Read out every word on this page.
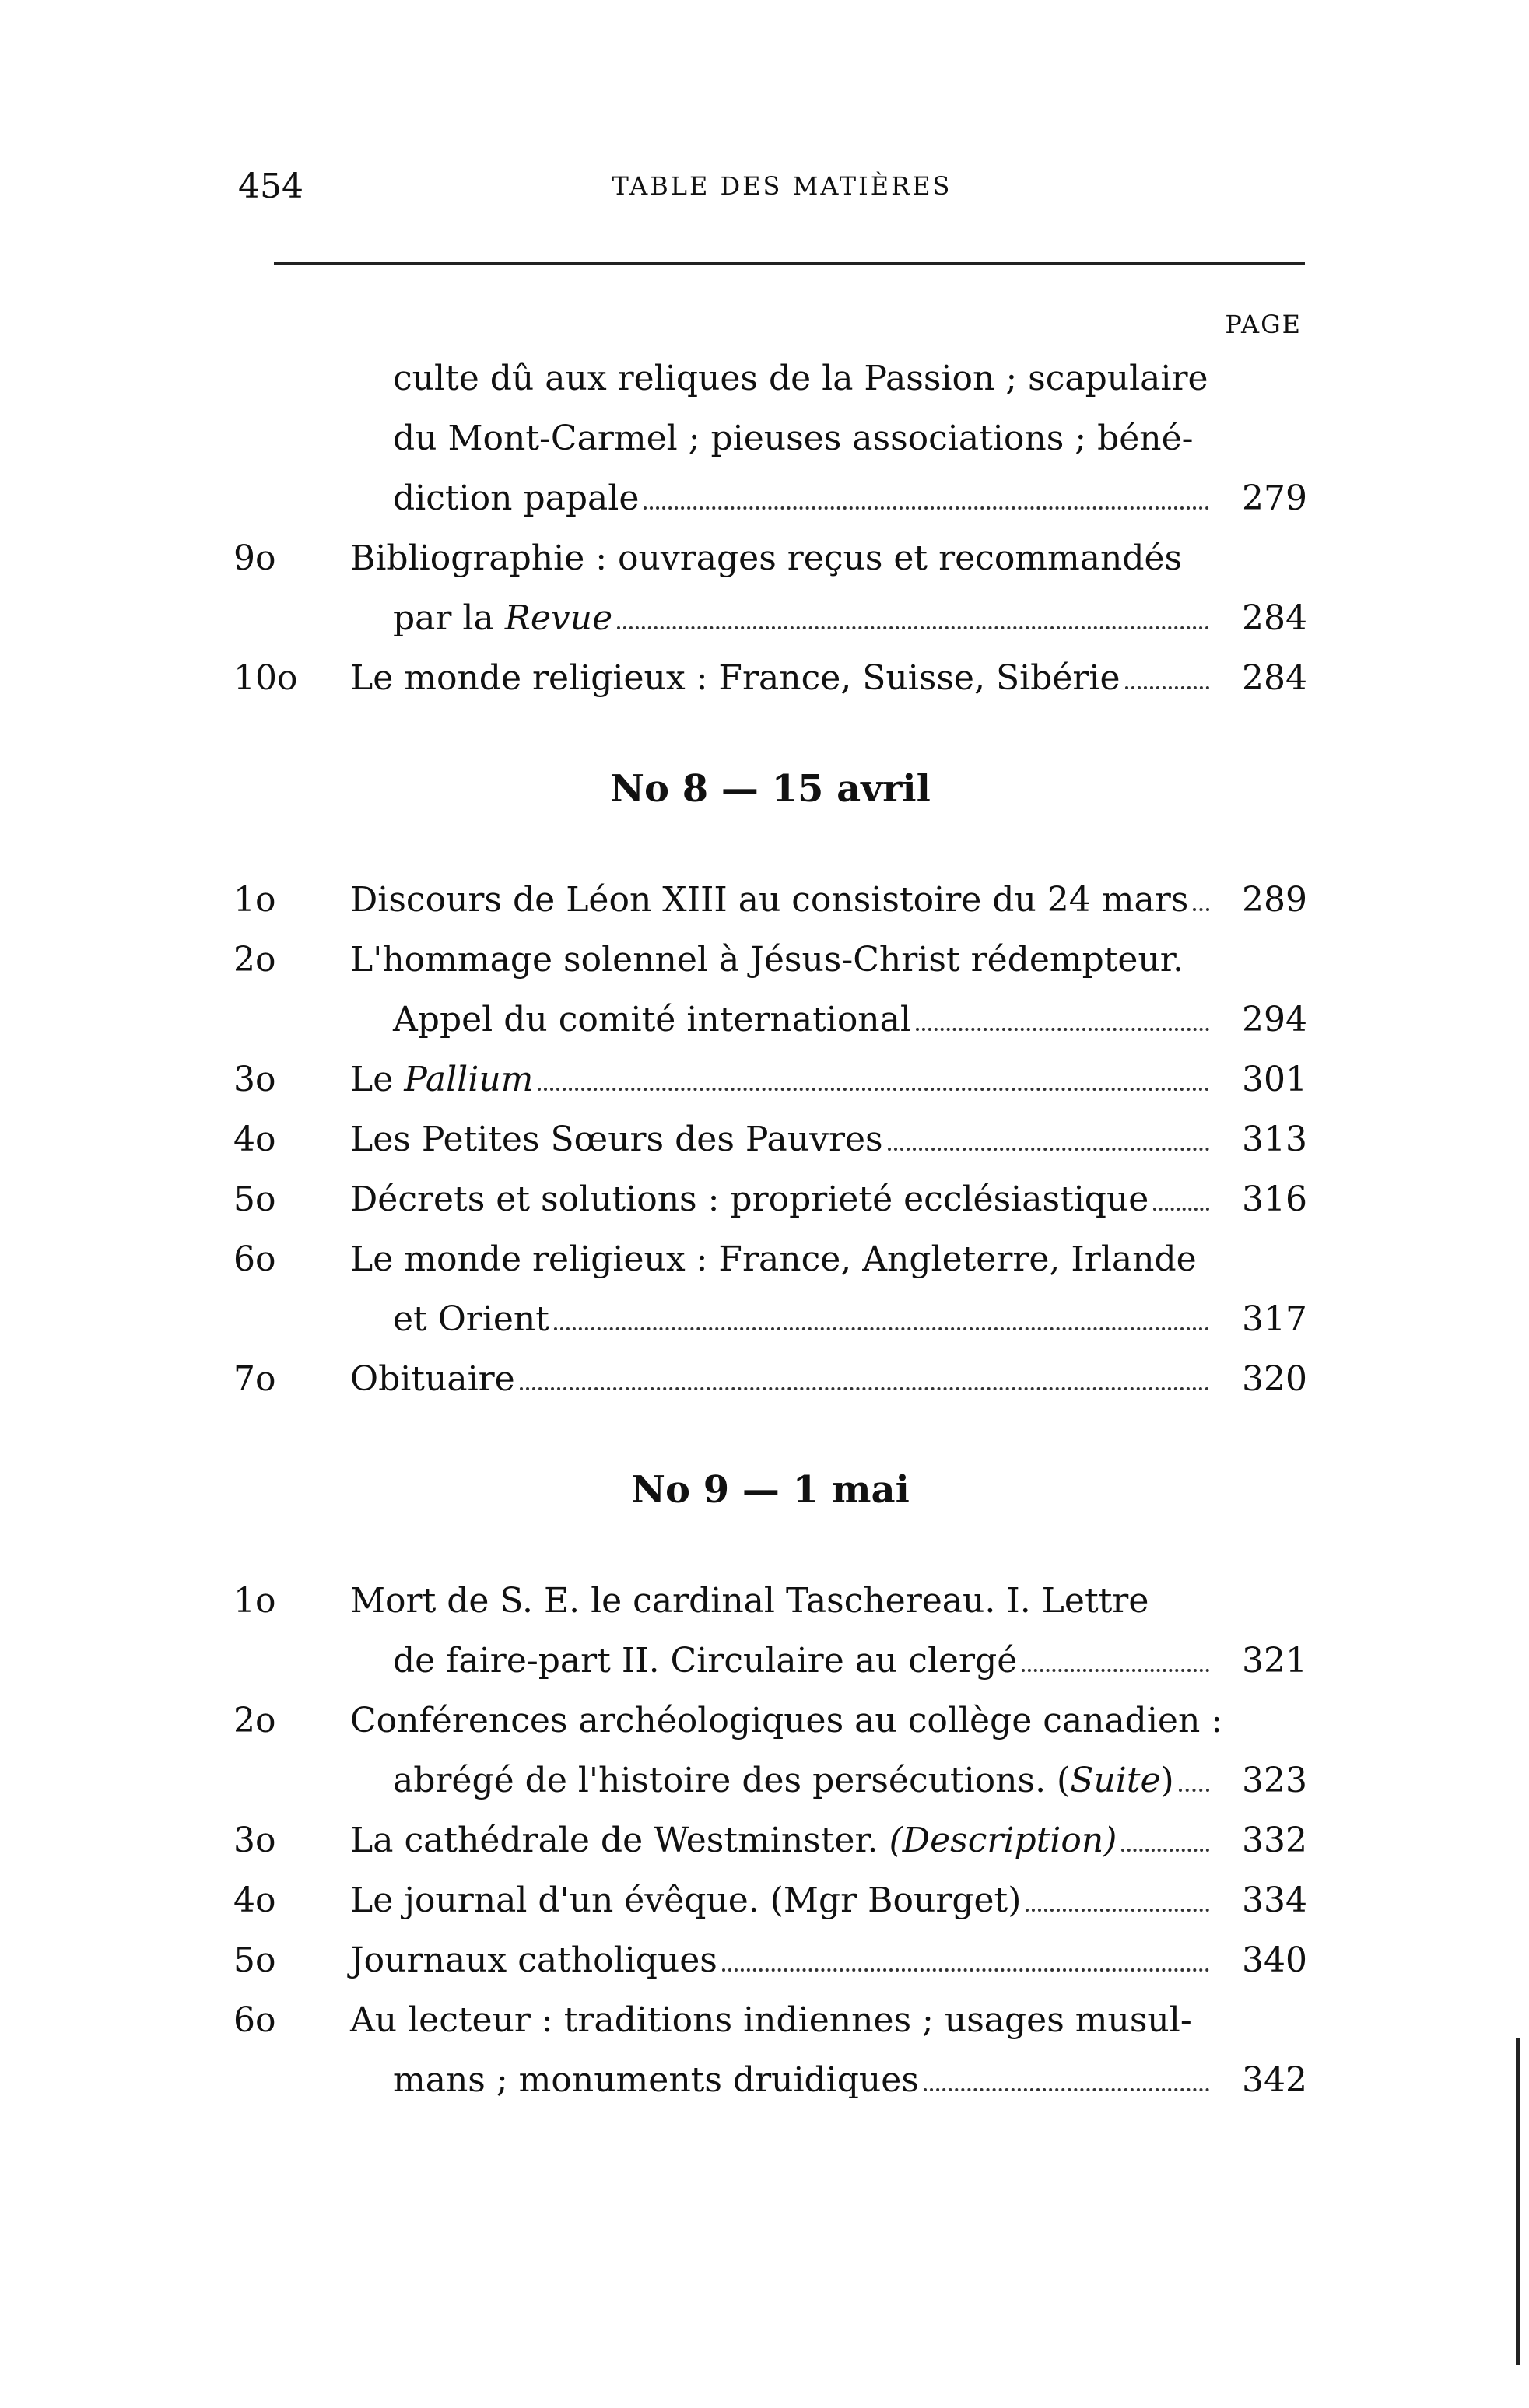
454	TABLE DES MATIÈRES
PAGE
culte dû aux reliques de la Passion ; scapulaire
du Mont-Carmel ; pieuses associations ; béné-
diction papale	279
9o	Bibliographie : ouvrages reçus et recommandés
par la Revue	284
10o	Le monde religieux : France, Suisse, Sibérie	284
No 8 — 15 avril
1o	Discours de Léon XIII au consistoire du 24 mars	289
2o	L'hommage solennel à Jésus-Christ rédempteur.
Appel du comité international	294
3o	Le Pallium	301
4o	Les Petites Sœurs des Pauvres	313
5o	Décrets et solutions : proprieté ecclésiastique	316
6o	Le monde religieux : France, Angleterre, Irlande
et Orient	317
7o	Obituaire	320
No 9 — 1 mai
1o	Mort de S. E. le cardinal Taschereau. I. Lettre
de faire-part II. Circulaire au clergé	321
2o	Conférences archéologiques au collège canadien :
abrégé de l'histoire des persécutions. (Suite)	323
3o	La cathédrale de Westminster. (Description)	332
4o	Le journal d'un évêque. (Mgr Bourget)	334
5o	Journaux catholiques	340
6o	Au lecteur : traditions indiennes ; usages musul-
mans ; monuments druidiques	342
